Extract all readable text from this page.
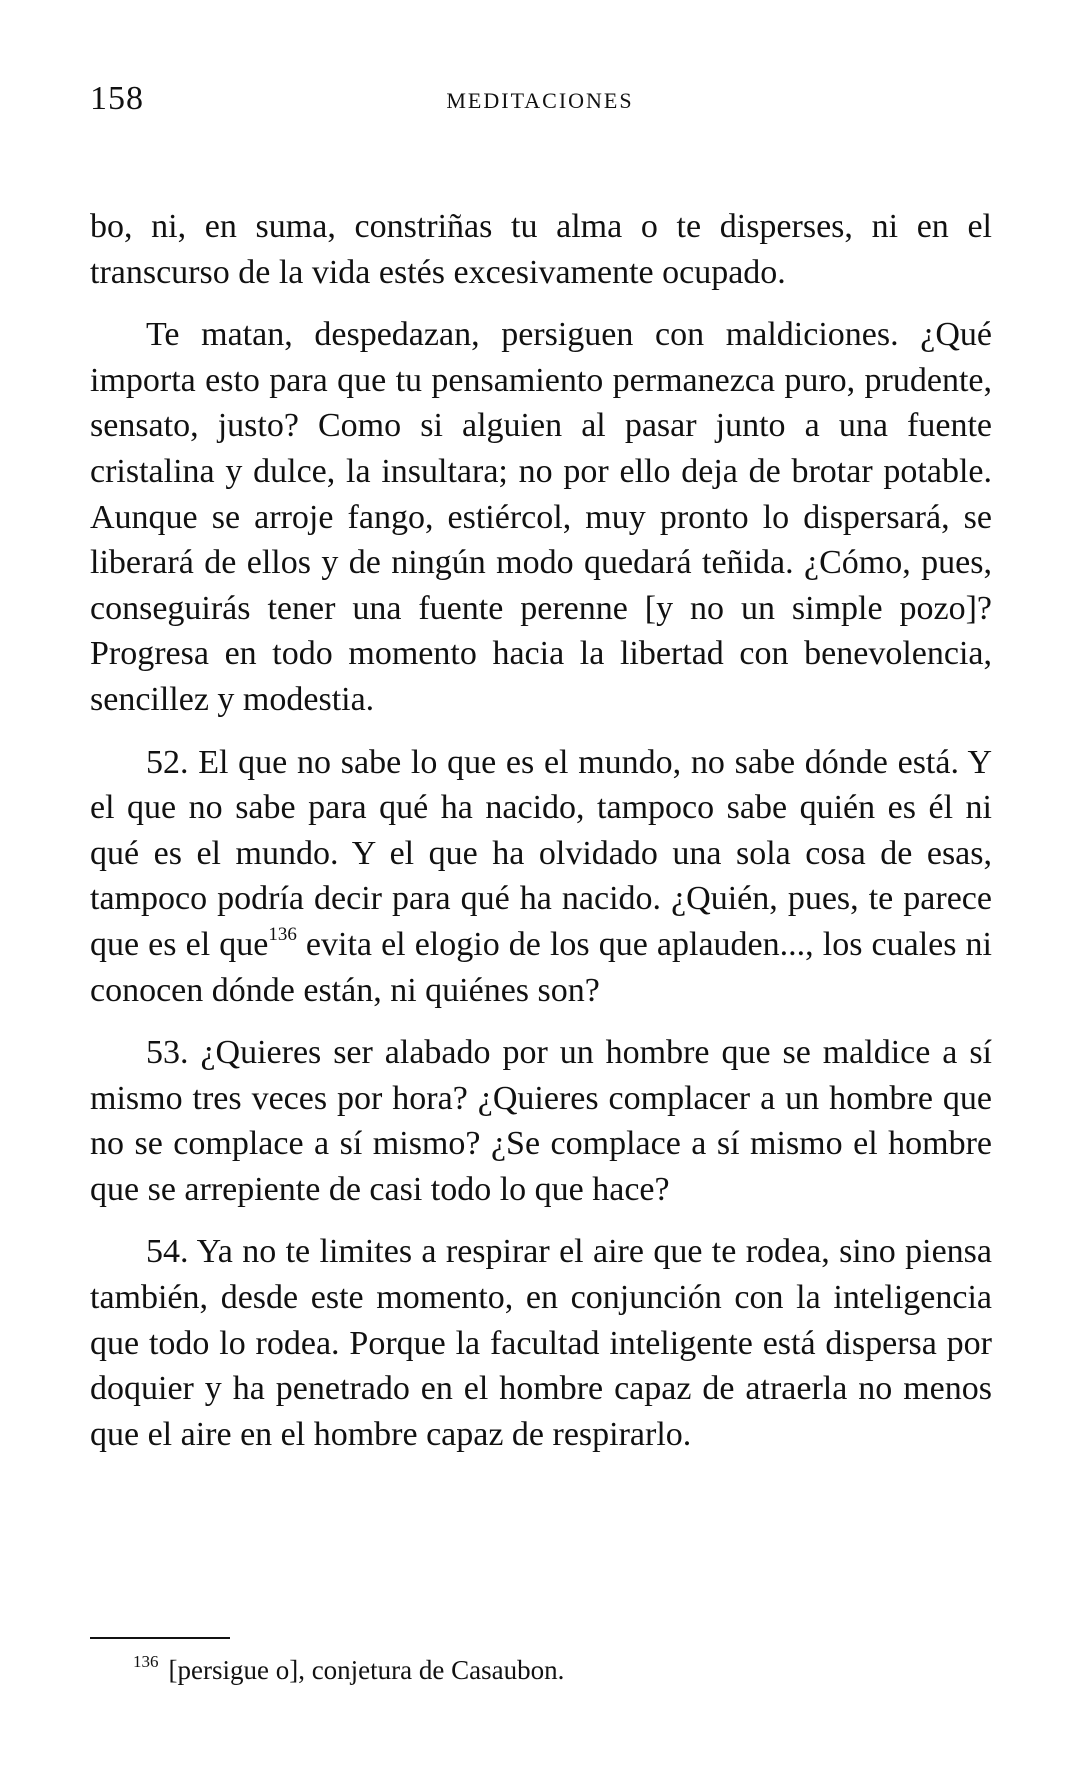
158	MEDITACIONES

bo, ni, en suma, constriñas tu alma o te disperses, ni en el transcurso de la vida estés excesivamente ocupado.

Te matan, despedazan, persiguen con maldiciones. ¿Qué importa esto para que tu pensamiento permanezca puro, prudente, sensato, justo? Como si alguien al pasar junto a una fuente cristalina y dulce, la insultara; no por ello deja de brotar potable. Aunque se arroje fango, estiércol, muy pronto lo dispersará, se liberará de ellos y de ningún modo quedará teñida. ¿Cómo, pues, conseguirás tener una fuente perenne [y no un simple pozo]? Progresa en todo momento hacia la libertad con benevolencia, sencillez y modestia.

52. El que no sabe lo que es el mundo, no sabe dónde está. Y el que no sabe para qué ha nacido, tampoco sabe quién es él ni qué es el mundo. Y el que ha olvidado una sola cosa de esas, tampoco podría decir para qué ha nacido. ¿Quién, pues, te parece que es el que$^{136}$ evita el elogio de los que aplauden..., los cuales ni conocen dónde están, ni quiénes son?

53. ¿Quieres ser alabado por un hombre que se maldice a sí mismo tres veces por hora? ¿Quieres complacer a un hombre que no se complace a sí mismo? ¿Se complace a sí mismo el hombre que se arrepiente de casi todo lo que hace?

54. Ya no te limites a respirar el aire que te rodea, sino piensa también, desde este momento, en conjunción con la inteligencia que todo lo rodea. Porque la facultad inteligente está dispersa por doquier y ha penetrado en el hombre capaz de atraerla no menos que el aire en el hombre capaz de respirarlo.

$^{136}$ [persigue o], conjetura de Casaubon.
